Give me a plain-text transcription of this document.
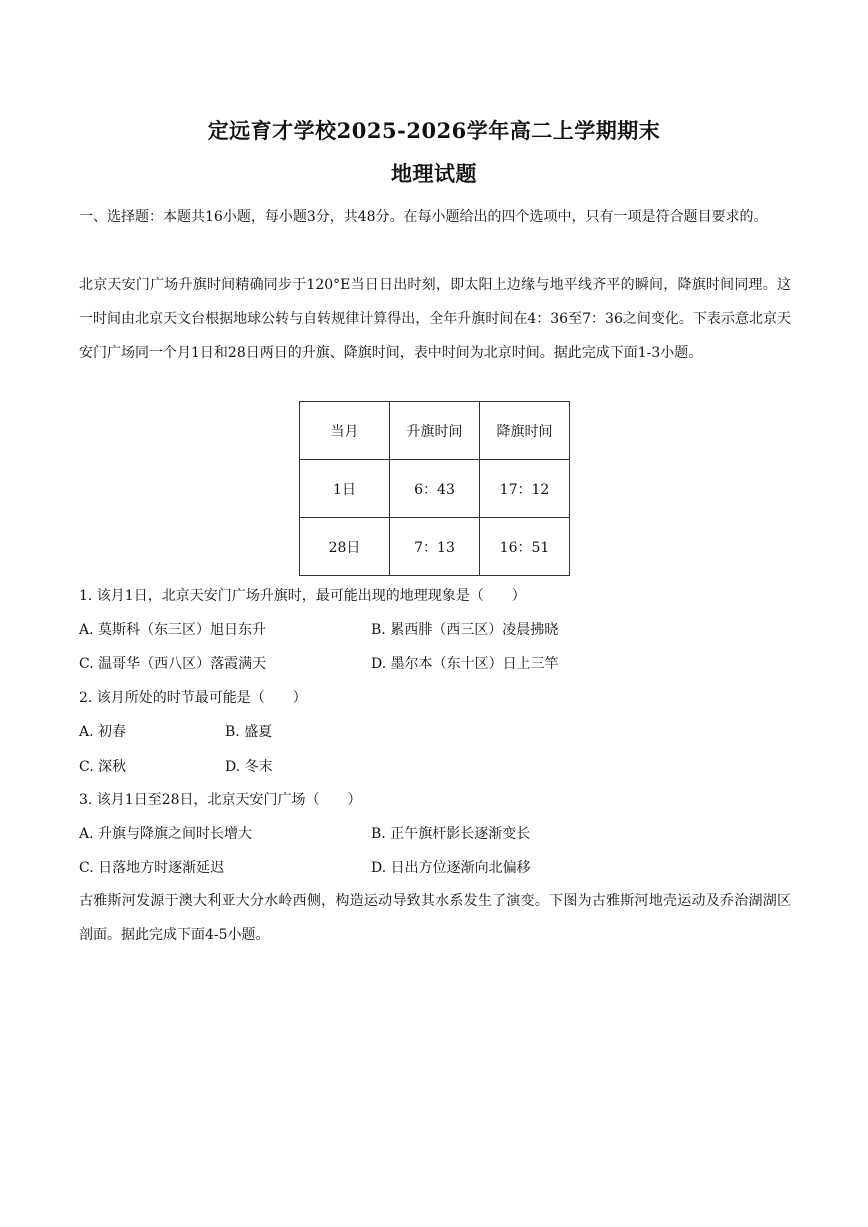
定远育才学校2025-2026学年高二上学期期末
地理试题
一、选择题：本题共16小题，每小题3分，共48分。在每小题给出的四个选项中，只有一项是符合题目要求的。
北京天安门广场升旗时间精确同步于120°E当日日出时刻，即太阳上边缘与地平线齐平的瞬间，降旗时间同理。这一时间由北京天文台根据地球公转与自转规律计算得出，全年升旗时间在4：36至7：36之间变化。下表示意北京天安门广场同一个月1日和28日两日的升旗、降旗时间，表中时间为北京时间。据此完成下面1-3小题。
当月	升旗时间	降旗时间
1日	6：43	17：12
28日	7：13	16：51
1. 该月1日，北京天安门广场升旗时，最可能出现的地理现象是（　　）
A. 莫斯科（东三区）旭日东升	B. 累西腓（西三区）凌晨拂晓
C. 温哥华（西八区）落霞满天	D. 墨尔本（东十区）日上三竿
2. 该月所处的时节最可能是（　　）
A. 初春	B. 盛夏
C. 深秋	D. 冬末
3. 该月1日至28日，北京天安门广场（　　）
A. 升旗与降旗之间时长增大	B. 正午旗杆影长逐渐变长
C. 日落地方时逐渐延迟	D. 日出方位逐渐向北偏移
古雅斯河发源于澳大利亚大分水岭西侧，构造运动导致其水系发生了演变。下图为古雅斯河地壳运动及乔治湖湖区剖面。据此完成下面4-5小题。
